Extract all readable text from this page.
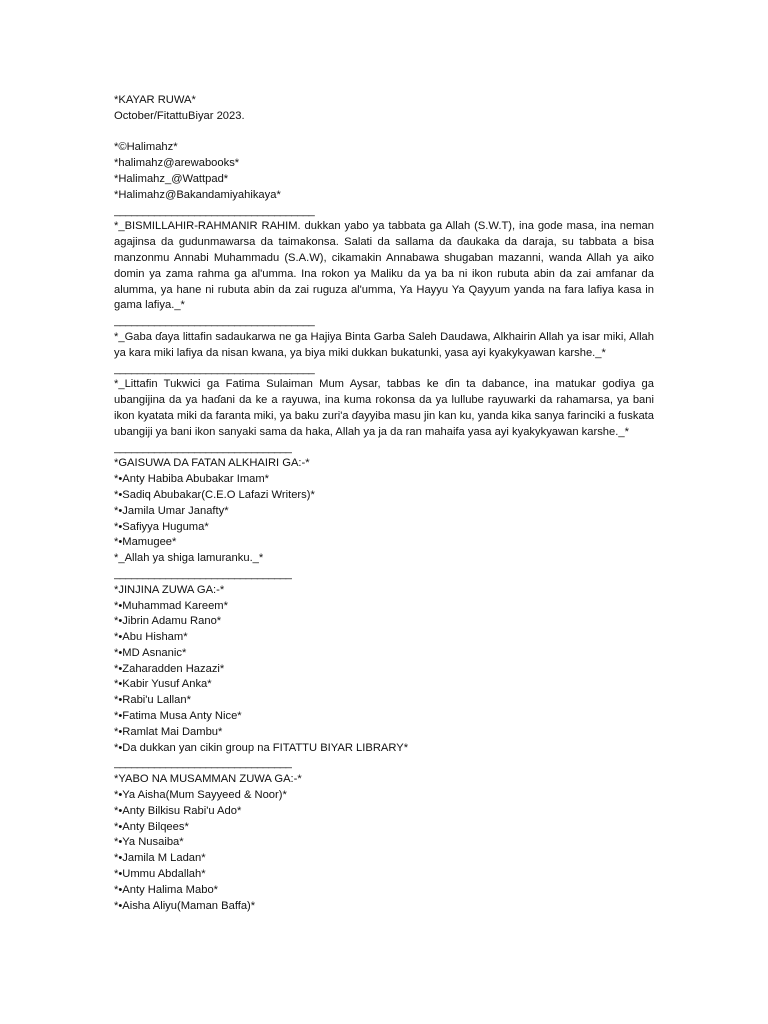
*KAYAR RUWA*
October/FitattuBiyar 2023.
*©Halimahz*
*halimahz@arewabooks*
*Halimahz_@Wattpad*
*Halimahz@Bakandamiyahikaya*
___________________________________
*_BISMILLAHIR-RAHMANIR RAHIM. dukkan yabo ya tabbata ga Allah (S.W.T), ina gode masa, ina neman agajinsa da gudunmawarsa da taimakonsa. Salati da sallama da ɗaukaka da daraja, su tabbata a bisa manzonmu Annabi Muhammadu (S.A.W), cikamakin Annabawa shugaban mazanni, wanda Allah ya aiko domin ya zama rahma ga al'umma. Ina rokon ya Maliku da ya ba ni ikon rubuta abin da zai amfanar da alumma, ya hane ni rubuta abin da zai ruguza al'umma, Ya Hayyu Ya Qayyum yanda na fara lafiya kasa in gama lafiya._*
___________________________________
*_Gaba ɗaya littafin sadaukarwa ne ga Hajiya Binta Garba Saleh Daudawa, Alkhairin Allah ya isar miki, Allah ya kara miki lafiya da nisan kwana, ya biya miki dukkan bukatunki, yasa ayi kyakykyawan karshe._*
___________________________________
*_Littafin Tukwici ga Fatima Sulaiman Mum Aysar, tabbas ke ɗin ta dabance, ina matukar godiya ga ubangijina da ya haɗani da ke a rayuwa, ina kuma rokonsa da ya lullube rayuwarki da rahamarsa, ya bani ikon kyatata miki da faranta miki, ya baku zuri'a ɗayyiba masu jin kan ku, yanda kika sanya farinciki a fuskata ubangiji ya bani ikon sanyaki sama da haka, Allah ya ja da ran mahaifa yasa ayi kyakykyawan karshe._*
_______________________________
*GAISUWA DA FATAN ALKHAIRI GA:-*
*•Anty Habiba Abubakar Imam*
*•Sadiq Abubakar(C.E.O Lafazi Writers)*
*•Jamila Umar Janafty*
*•Safiyya Huguma*
*•Mamugee*
*_Allah ya shiga lamuranku._*
_______________________________
*JINJINA ZUWA GA:-*
*•Muhammad Kareem*
*•Jibrin Adamu Rano*
*•Abu Hisham*
*•MD Asnanic*
*•Zaharadden Hazazi*
*•Kabir Yusuf Anka*
*•Rabi'u Lallan*
*•Fatima Musa Anty Nice*
*•Ramlat Mai Dambu*
*•Da dukkan yan cikin group na FITATTU BIYAR LIBRARY*
_______________________________
*YABO NA MUSAMMAN ZUWA GA:-*
*•Ya Aisha(Mum Sayyeed & Noor)*
*•Anty Bilkisu Rabi'u Ado*
*•Anty Bilqees*
*•Ya Nusaiba*
*•Jamila M Ladan*
*•Ummu Abdallah*
*•Anty Halima Mabo*
*•Aisha Aliyu(Maman Baffa)*
